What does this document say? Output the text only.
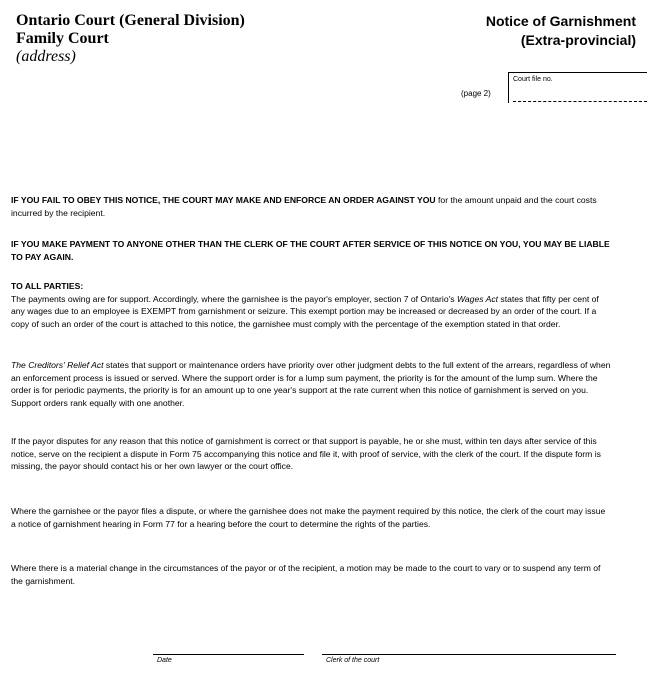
Ontario Court (General Division)
Family Court
(address)
Notice of Garnishment
(Extra-provincial)
(page 2)
Court file no.
IF YOU FAIL TO OBEY THIS NOTICE, THE COURT MAY MAKE AND ENFORCE AN ORDER AGAINST YOU for the amount unpaid and the court costs incurred by the recipient.
IF YOU MAKE PAYMENT TO ANYONE OTHER THAN THE CLERK OF THE COURT AFTER SERVICE OF THIS NOTICE ON YOU, YOU MAY BE LIABLE TO PAY AGAIN.
TO ALL PARTIES:
The payments owing are for support. Accordingly, where the garnishee is the payor's employer, section 7 of Ontario's Wages Act states that fifty per cent of any wages due to an employee is EXEMPT from garnishment or seizure. This exempt portion may be increased or decreased by an order of the court. If a copy of such an order of the court is attached to this notice, the garnishee must comply with the percentage of the exemption stated in that order.
The Creditors' Relief Act states that support or maintenance orders have priority over other judgment debts to the full extent of the arrears, regardless of when an enforcement process is issued or served. Where the support order is for a lump sum payment, the priority is for the amount of the lump sum. Where the order is for periodic payments, the priority is for an amount up to one year's support at the rate current when this notice of garnishment is served on you. Support orders rank equally with one another.
If the payor disputes for any reason that this notice of garnishment is correct or that support is payable, he or she must, within ten days after service of this notice, serve on the recipient a dispute in Form 75 accompanying this notice and file it, with proof of service, with the clerk of the court. If the dispute form is missing, the payor should contact his or her own lawyer or the court office.
Where the garnishee or the payor files a dispute, or where the garnishee does not make the payment required by this notice, the clerk of the court may issue a notice of garnishment hearing in Form 77 for a hearing before the court to determine the rights of the parties.
Where there is a material change in the circumstances of the payor or of the recipient, a motion may be made to the court to vary or to suspend any term of the garnishment.
Date	Clerk of the court
